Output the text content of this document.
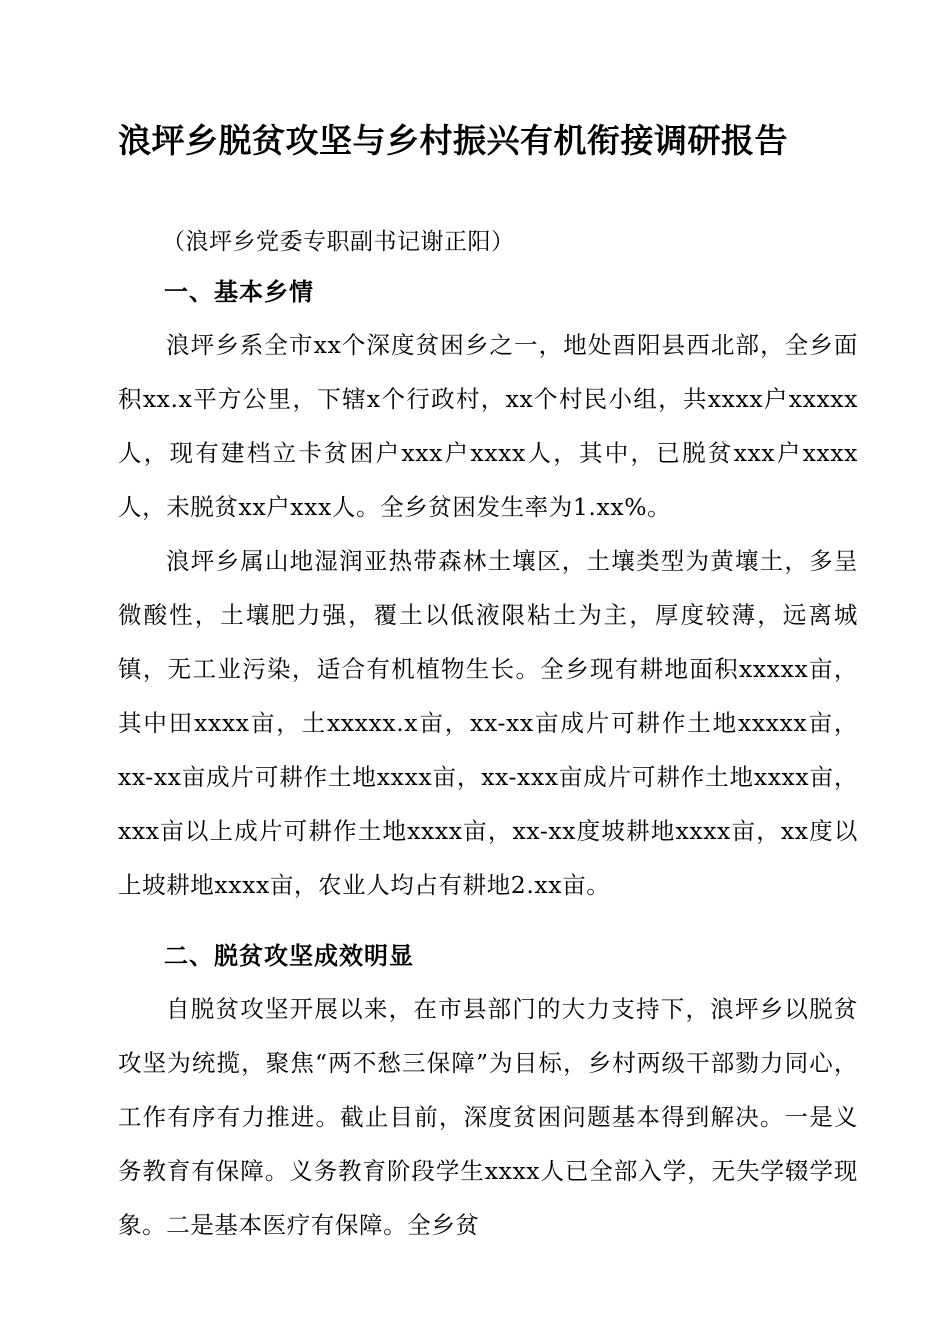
浪坪乡脱贫攻坚与乡村振兴有机衔接调研报告

（浪坪乡党委专职副书记谢正阳）

一、基本乡情

浪坪乡系全市xx个深度贫困乡之一，地处酉阳县西北部，全乡面积xx.x平方公里，下辖x个行政村，xx个村民小组，共xxxx户xxxxx人，现有建档立卡贫困户xxx户xxxx人，其中，已脱贫xxx户xxxx人，未脱贫xx户xxx人。全乡贫困发生率为1.xx%。

浪坪乡属山地湿润亚热带森林土壤区，土壤类型为黄壤土，多呈微酸性，土壤肥力强，覆土以低液限粘土为主，厚度较薄，远离城镇，无工业污染，适合有机植物生长。全乡现有耕地面积xxxxx亩，其中田xxxx亩，土xxxxx.x亩，xx-xx亩成片可耕作土地xxxxx亩，xx-xx亩成片可耕作土地xxxx亩，xx-xxx亩成片可耕作土地xxxx亩，xxx亩以上成片可耕作土地xxxx亩，xx-xx度坡耕地xxxx亩，xx度以上坡耕地xxxx亩，农业人均占有耕地2.xx亩。

二、脱贫攻坚成效明显

自脱贫攻坚开展以来，在市县部门的大力支持下，浪坪乡以脱贫攻坚为统揽，聚焦“两不愁三保障”为目标，乡村两级干部勠力同心，工作有序有力推进。截止目前，深度贫困问题基本得到解决。一是义务教育有保障。义务教育阶段学生xxxx人已全部入学，无失学辍学现象。二是基本医疗有保障。全乡贫
